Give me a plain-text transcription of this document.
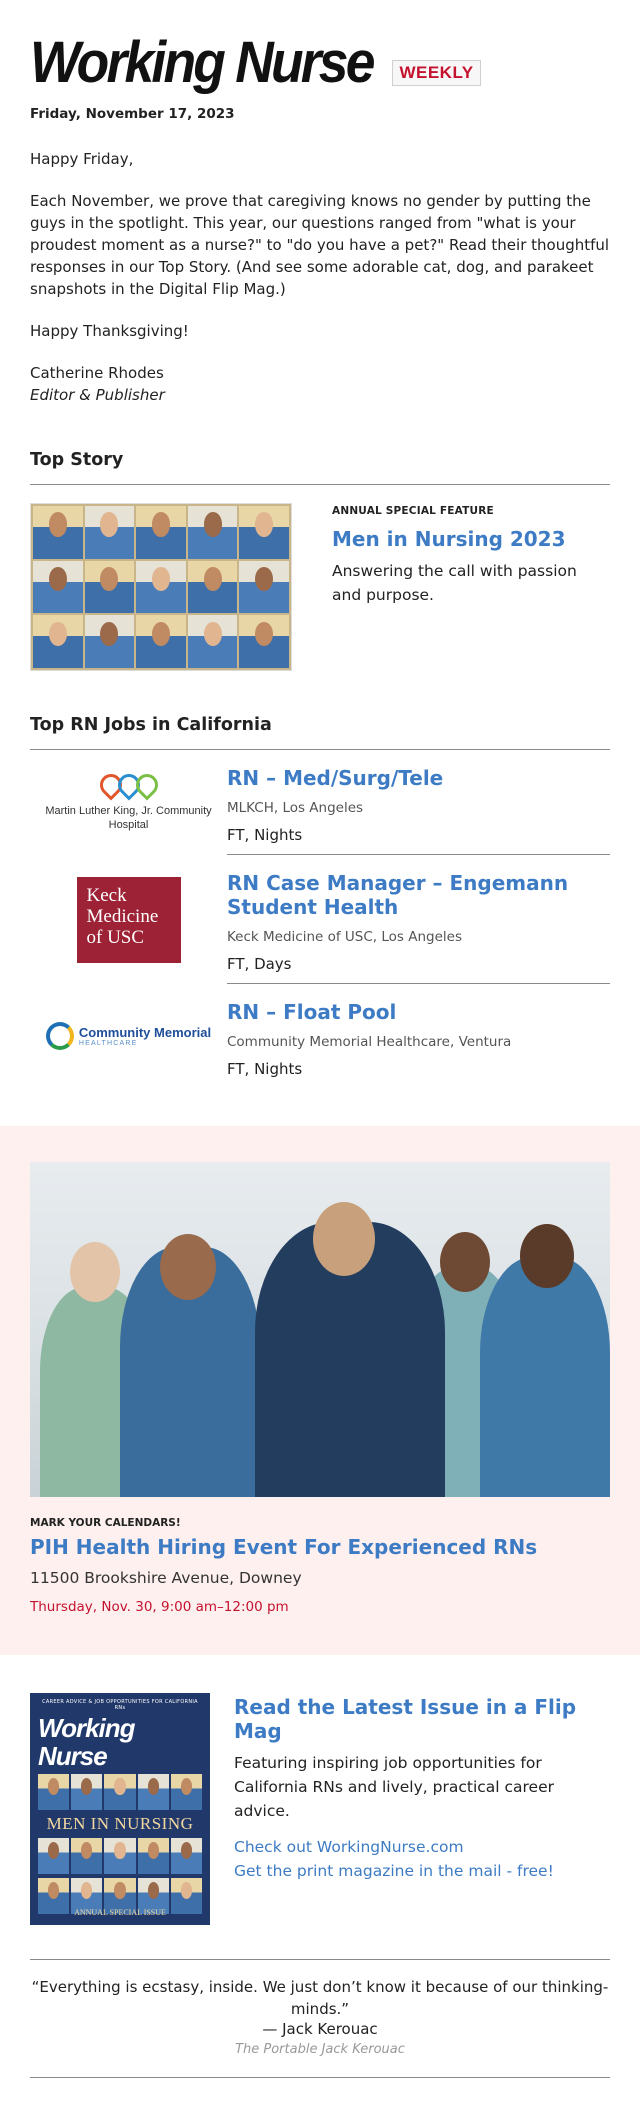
Working Nurse	WEEKLY
Friday, November 17, 2023

Happy Friday,

Each November, we prove that caregiving knows no gender by putting the guys in the spotlight. This year, our questions ranged from "what is your proudest moment as a nurse?" to "do you have a pet?" Read their thoughtful responses in our Top Story. (And see some adorable cat, dog, and parakeet snapshots in the Digital Flip Mag.)

Happy Thanksgiving!

Catherine Rhodes

Editor & Publisher

Top Story
ANNUAL SPECIAL FEATURE
Men in Nursing 2023
Answering the call with passion and purpose.
Top RN Jobs in California
Martin Luther King, Jr. Community Hospital
RN – Med/Surg/Tele
MLKCH, Los Angeles
FT, Nights
Keck Medicine of USC
RN Case Manager – Engemann Student Health
Keck Medicine of USC, Los Angeles
FT, Days
Community Memorial
HEALTHCARE
RN – Float Pool
Community Memorial Healthcare, Ventura
FT, Nights
MARK YOUR CALENDARS!
PIH Health Hiring Event For Experienced RNs
11500 Brookshire Avenue, Downey
Thursday, Nov. 30, 9:00 am–12:00 pm
CAREER ADVICE & JOB OPPORTUNITIES FOR CALIFORNIA RNs
Working Nurse
MEN IN NURSING
ANNUAL SPECIAL ISSUE
Read the Latest Issue in a Flip Mag
Featuring inspiring job opportunities for California RNs and lively, practical career advice.
Check out WorkingNurse.com
Get the print magazine in the mail - free!
“Everything is ecstasy, inside. We just don’t know it because of our thinking-minds.”
— Jack Kerouac
The Portable Jack Kerouac
